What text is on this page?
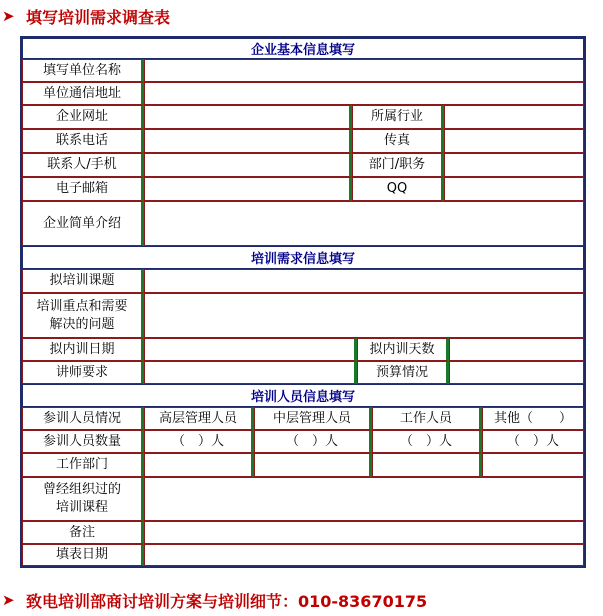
➤ 填写培训需求调查表
企业基本信息填写
填写单位名称
单位通信地址
企业网址	所属行业
联系电话	传真
联系人/手机	部门/职务
电子邮箱	QQ
企业简单介绍
培训需求信息填写
拟培训课题
培训重点和需要
解决的问题
拟内训日期	拟内训天数
讲师要求	预算情况
培训人员信息填写
参训人员情况	高层管理人员	中层管理人员	工作人员	其他（　　）
参训人员数量	（　）人	（　）人	（　）人	（　）人
工作部门
曾经组织过的
培训课程
备注
填表日期
➤ 致电培训部商讨培训方案与培训细节：010-83670175
